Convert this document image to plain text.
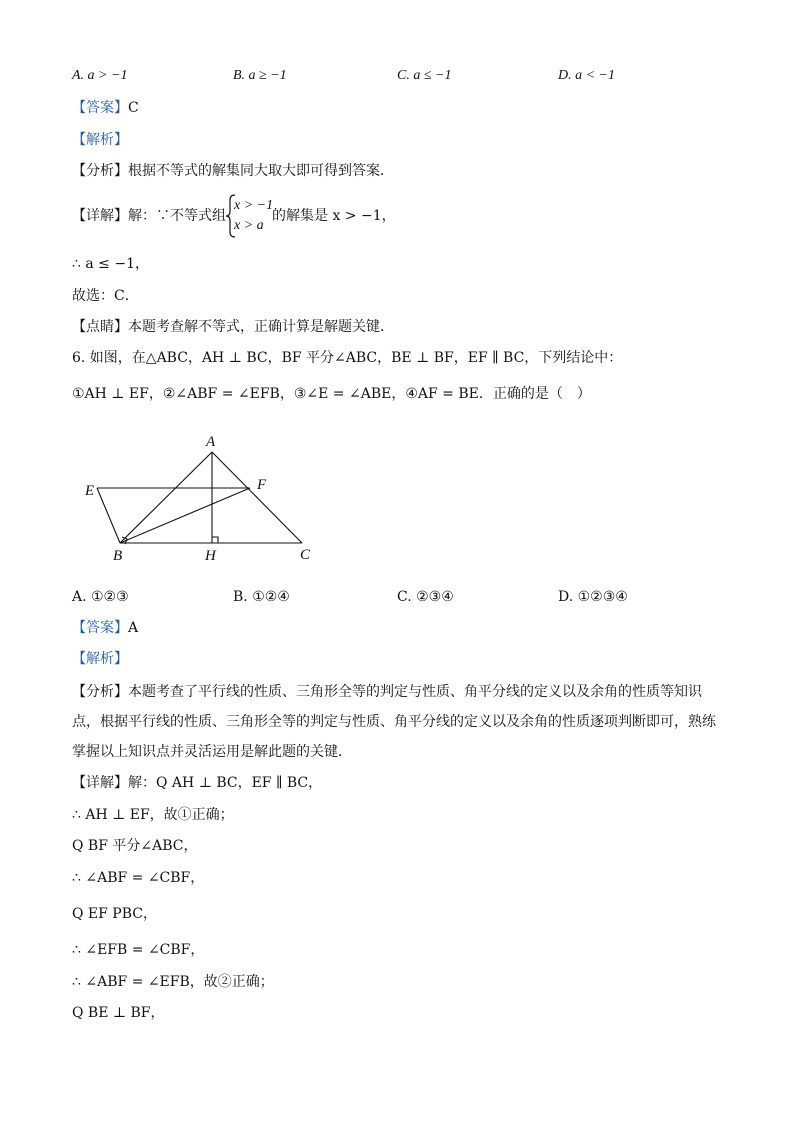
A. a > −1	B. a ≥ −1	C. a ≤ −1	D. a < −1
【答案】C
【解析】
【分析】根据不等式的解集同大取大即可得到答案．
【详解】解：∵不等式组
x > −1
x > a
的解集是 x > −1，
∴ a ≤ −1，
故选：C．
【点睛】本题考查解不等式，正确计算是解题关键．
6. 如图，在△ABC，AH ⊥ BC，BF 平分∠ABC，BE ⊥ BF，EF ∥ BC，下列结论中：
①AH ⊥ EF，②∠ABF = ∠EFB，③∠E = ∠ABE，④AF = BE．正确的是（　）
A
E	F
B	H	C
A. ①②③	B. ①②④	C. ②③④	D. ①②③④
【答案】A
【解析】
【分析】本题考查了平行线的性质、三角形全等的判定与性质、角平分线的定义以及余角的性质等知识点，根据平行线的性质、三角形全等的判定与性质、角平分线的定义以及余角的性质逐项判断即可，熟练掌握以上知识点并灵活运用是解此题的关键．
【详解】解：Q AH ⊥ BC，EF ∥ BC，
∴ AH ⊥ EF，故①正确；
Q BF 平分∠ABC，
∴ ∠ABF = ∠CBF，
Q EF PBC，
∴ ∠EFB = ∠CBF，
∴ ∠ABF = ∠EFB，故②正确；
Q BE ⊥ BF，
